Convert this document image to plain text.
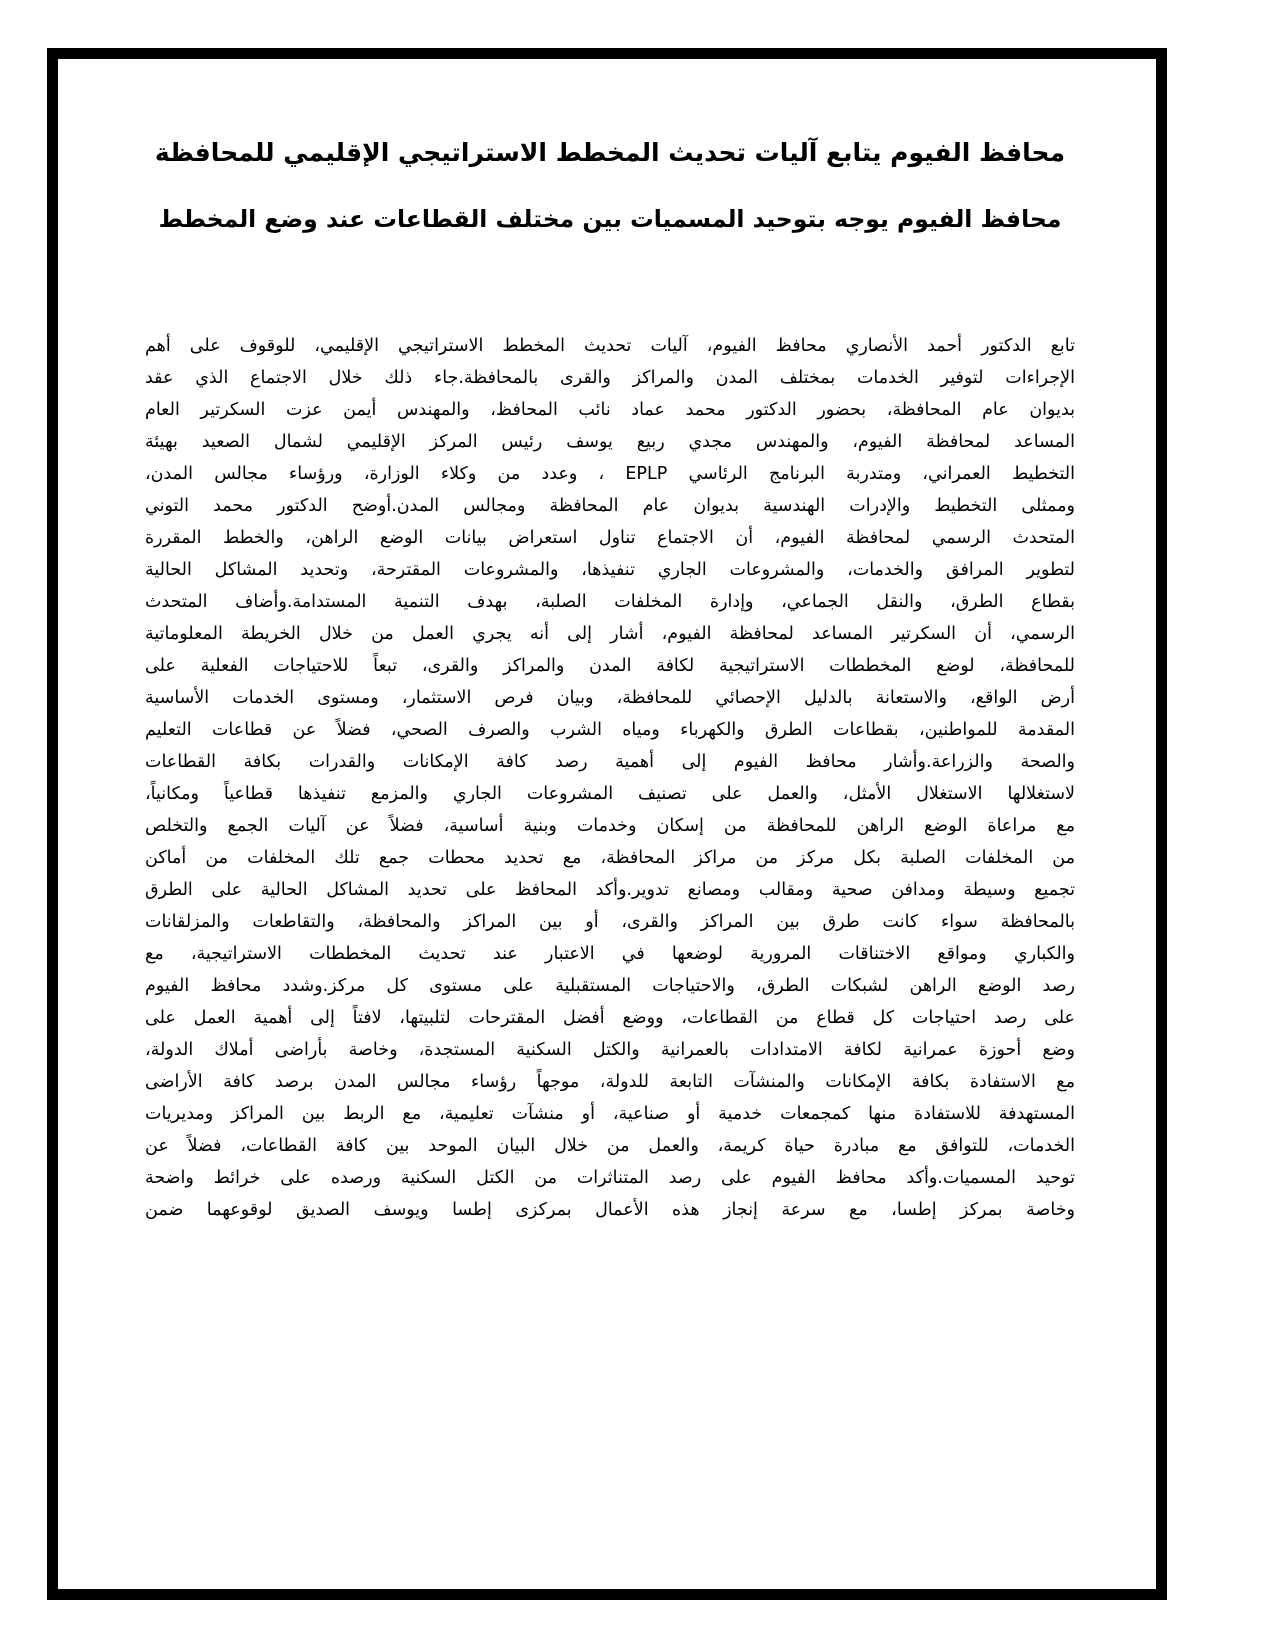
محافظ الفيوم يتابع آليات تحديث المخطط الاستراتيجي الإقليمي للمحافظة
محافظ الفيوم يوجه بتوحيد المسميات بين مختلف القطاعات عند وضع المخطط
تابع الدكتور أحمد الأنصاري محافظ الفيوم، آليات تحديث المخطط الاستراتيجي الإقليمي، للوقوف على أهم
الإجراءات لتوفير الخدمات بمختلف المدن والمراكز والقرى بالمحافظة.جاء ذلك خلال الاجتماع الذي عقد
بديوان عام المحافظة، بحضور الدكتور محمد عماد نائب المحافظ، والمهندس أيمن عزت السكرتير العام
المساعد لمحافظة الفيوم، والمهندس مجدي ربيع يوسف رئيس المركز الإقليمي لشمال الصعيد بهيئة
التخطيط العمراني، ومتدربة البرنامج الرئاسي EPLP ، وعدد من وكلاء الوزارة، ورؤساء مجالس المدن،
وممثلى التخطيط والإدرات الهندسية بديوان عام المحافظة ومجالس المدن.أوضح الدكتور محمد التوني
المتحدث الرسمي لمحافظة الفيوم، أن الاجتماع تناول استعراض بيانات الوضع الراهن، والخطط المقررة
لتطوير المرافق والخدمات، والمشروعات الجاري تنفيذها، والمشروعات المقترحة، وتحديد المشاكل الحالية
بقطاع الطرق، والنقل الجماعي، وإدارة المخلفات الصلبة، بهدف التنمية المستدامة.وأضاف المتحدث
الرسمي، أن السكرتير المساعد لمحافظة الفيوم، أشار إلى أنه يجري العمل من خلال الخريطة المعلوماتية
للمحافظة، لوضع المخططات الاستراتيجية لكافة المدن والمراكز والقرى، تبعاً للاحتياجات الفعلية على
أرض الواقع، والاستعانة بالدليل الإحصائي للمحافظة، وبيان فرص الاستثمار، ومستوى الخدمات الأساسية
المقدمة للمواطنين، بقطاعات الطرق والكهرباء ومياه الشرب والصرف الصحي، فضلاً عن قطاعات التعليم
والصحة والزراعة.وأشار محافظ الفيوم إلى أهمية رصد كافة الإمكانات والقدرات بكافة القطاعات
لاستغلالها الاستغلال الأمثل، والعمل على تصنيف المشروعات الجاري والمزمع تنفيذها قطاعياً ومكانياً،
مع مراعاة الوضع الراهن للمحافظة من إسكان وخدمات وبنية أساسية، فضلاً عن آليات الجمع والتخلص
من المخلفات الصلبة بكل مركز من مراكز المحافظة، مع تحديد محطات جمع تلك المخلفات من أماكن
تجميع وسيطة ومدافن صحية ومقالب ومصانع تدوير.وأكد المحافظ على تحديد المشاكل الحالية على الطرق
بالمحافظة سواء كانت طرق بين المراكز والقرى، أو بين المراكز والمحافظة، والتقاطعات والمزلقانات
والكباري ومواقع الاختناقات المرورية لوضعها في الاعتبار عند تحديث المخططات الاستراتيجية، مع
رصد الوضع الراهن لشبكات الطرق، والاحتياجات المستقبلية على مستوى كل مركز.وشدد محافظ الفيوم
على رصد احتياجات كل قطاع من القطاعات، ووضع أفضل المقترحات لتلبيتها، لافتاً إلى أهمية العمل على
وضع أحوزة عمرانية لكافة الامتدادات بالعمرانية والكتل السكنية المستجدة، وخاصة بأراضى أملاك الدولة،
مع الاستفادة بكافة الإمكانات والمنشآت التابعة للدولة، موجهاً رؤساء مجالس المدن برصد كافة الأراضى
المستهدفة للاستفادة منها كمجمعات خدمية أو صناعية، أو منشآت تعليمية، مع الربط بين المراكز ومديريات
الخدمات، للتوافق مع مبادرة حياة كريمة، والعمل من خلال البيان الموحد بين كافة القطاعات، فضلاً عن
توحيد المسميات.وأكد محافظ الفيوم على رصد المتناثرات من الكتل السكنية ورصده على خرائط واضحة
وخاصة بمركز إطسا، مع سرعة إنجاز هذه الأعمال بمركزى إطسا ويوسف الصديق لوقوعهما ضمن
